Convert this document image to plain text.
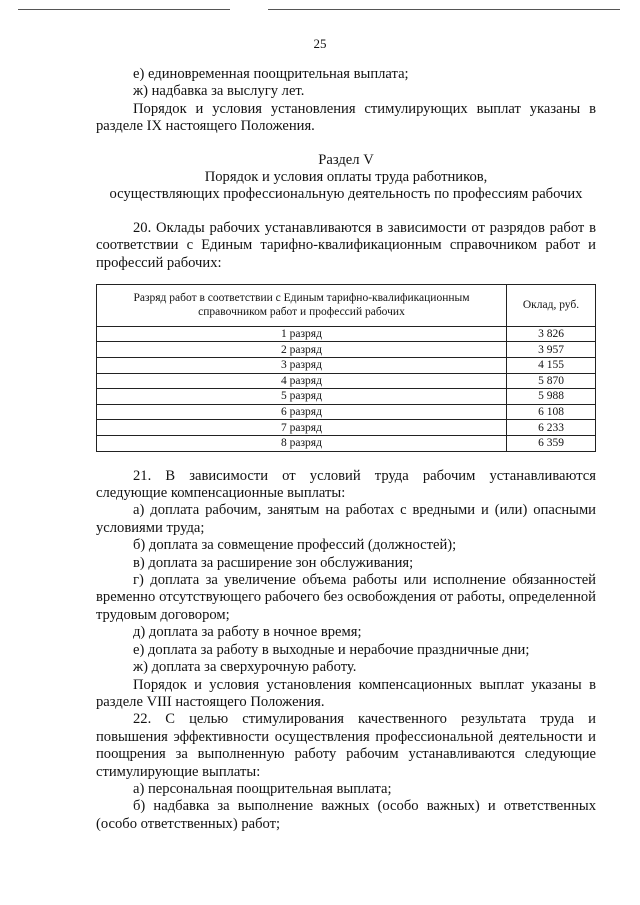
25

е) единовременная поощрительная выплата;

ж) надбавка за выслугу лет.

Порядок и условия установления стимулирующих выплат указаны в разделе IX настоящего Положения.

Раздел V

Порядок и условия оплаты труда работников,

осуществляющих профессиональную деятельность по профессиям рабочих

20. Оклады рабочих устанавливаются в зависимости от разрядов работ в соответствии с Единым тарифно-квалификационным справочником работ и профессий рабочих:

Разряд работ в соответствии с Единым тарифно-квалификационным справочником работ и профессий рабочих	Оклад, руб.
1 разряд	3 826
2 разряд	3 957
3 разряд	4 155
4 разряд	5 870
5 разряд	5 988
6 разряд	6 108
7 разряд	6 233
8 разряд	6 359

21. В зависимости от условий труда рабочим устанавливаются следующие компенсационные выплаты:

а) доплата рабочим, занятым на работах с вредными и (или) опасными условиями труда;

б) доплата за совмещение профессий (должностей);

в) доплата за расширение зон обслуживания;

г) доплата за увеличение объема работы или исполнение обязанностей временно отсутствующего рабочего без освобождения от работы, определенной трудовым договором;

д) доплата за работу в ночное время;

е) доплата за работу в выходные и нерабочие праздничные дни;

ж) доплата за сверхурочную работу.

Порядок и условия установления компенсационных выплат указаны в разделе VIII настоящего Положения.

22. С целью стимулирования качественного результата труда и повышения эффективности осуществления профессиональной деятельности и поощрения за выполненную работу рабочим устанавливаются следующие стимулирующие выплаты:

а) персональная поощрительная выплата;

б) надбавка за выполнение важных (особо важных) и ответственных (особо ответственных) работ;
